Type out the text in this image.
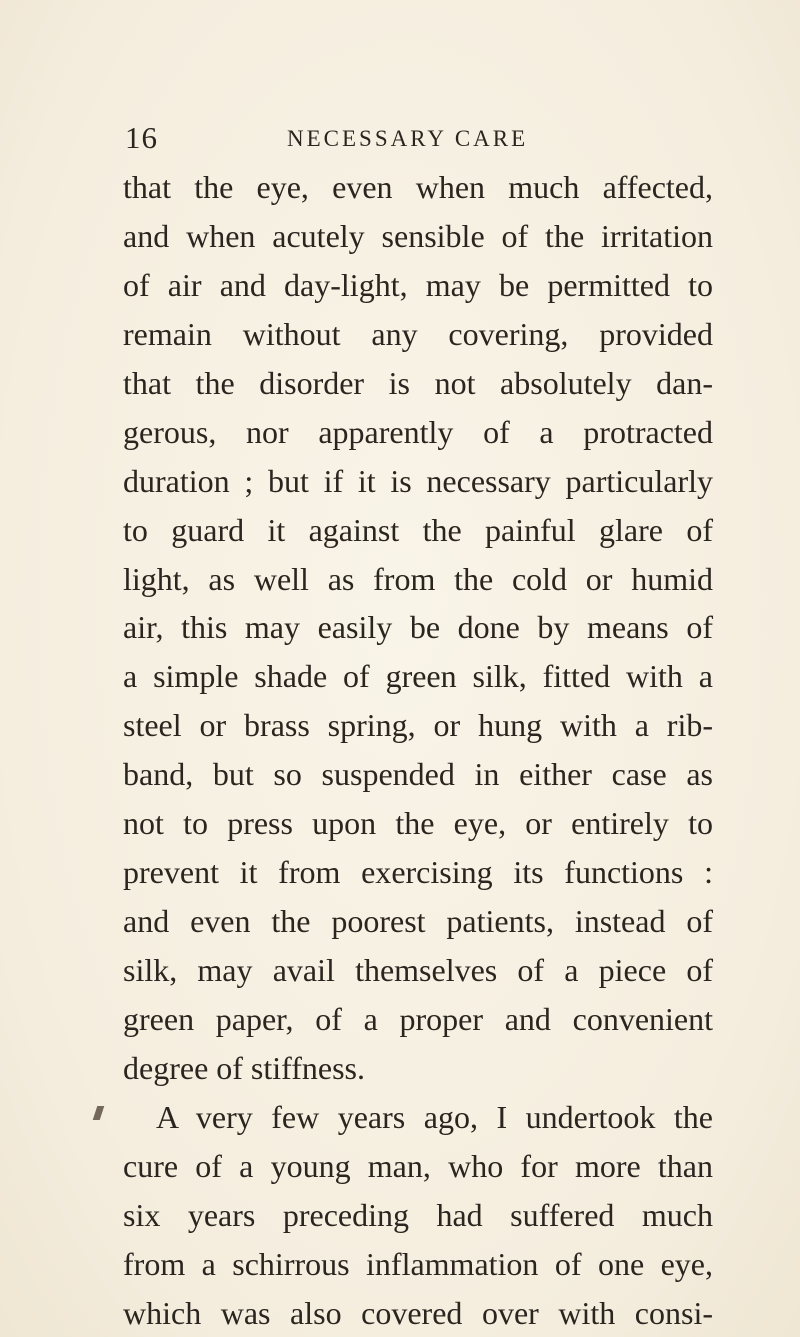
16	NECESSARY CARE
that the eye, even when much affected,
and when acutely sensible of the irritation
of air and day-light, may be permitted to
remain without any covering, provided
that the disorder is not absolutely dan-
gerous, nor apparently of a protracted
duration ; but if it is necessary particularly
to guard it against the painful glare of
light, as well as from the cold or humid
air, this may easily be done by means of
a simple shade of green silk, fitted with a
steel or brass spring, or hung with a rib-
band, but so suspended in either case as
not to press upon the eye, or entirely to
prevent it from exercising its functions :
and even the poorest patients, instead of
silk, may avail themselves of a piece of
green paper, of a proper and convenient
degree of stiffness.
A very few years ago, I undertook the
cure of a young man, who for more than
six years preceding had suffered much
from a schirrous inflammation of one eye,
which was also covered over with consi-
